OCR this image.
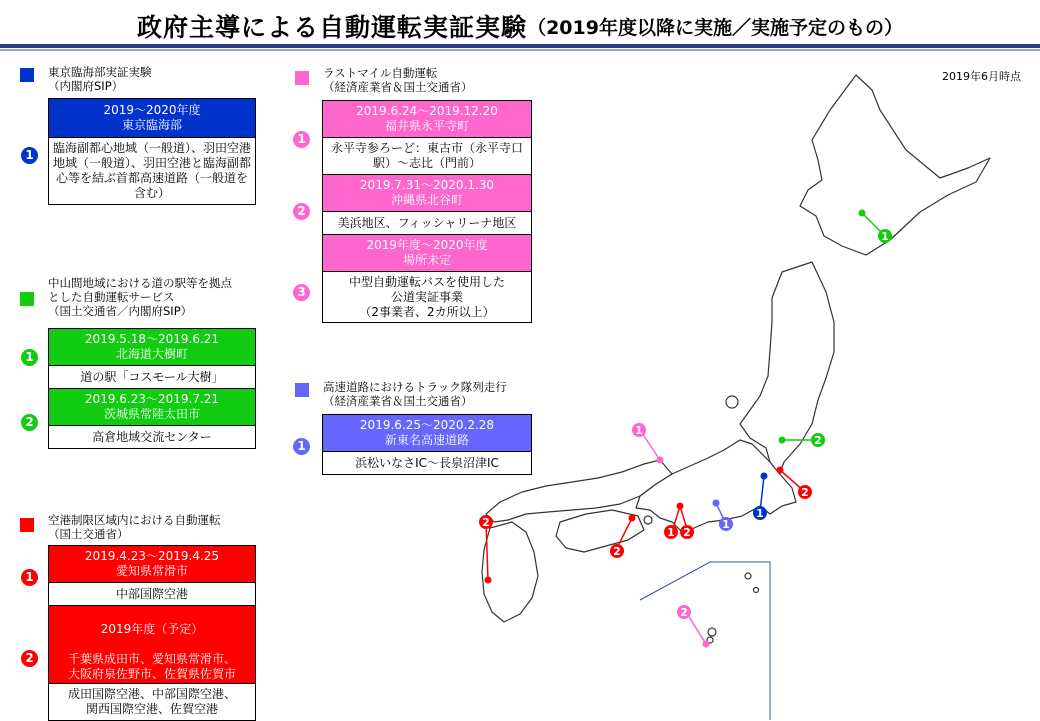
政府主導による自動運転実証実験（2019年度以降に実施／実施予定のもの）
2019年6月時点
東京臨海部実証実験
（内閣府SIP）
1
2019～2020年度
東京臨海部

臨海副都心地域（一般道）、羽田空港地域（一般道）、羽田空港と臨海副都心等を結ぶ首都高速道路（一般道を含む）
中山間地域における道の駅等を拠点
とした自動運転サービス
（国土交通省／内閣府SIP）
1
2
2019.5.18～2019.6.21
北海道大樹町

道の駅「コスモール大樹」

2019.6.23～2019.7.21
茨城県常陸太田市

高倉地域交流センター
空港制限区域内における自動運転
（国土交通省）
1
2
2019.4.23～2019.4.25
愛知県常滑市

中部国際空港

2019年度（予定）

千葉県成田市、愛知県常滑市、
大阪府泉佐野市、佐賀県佐賀市

成田国際空港、中部国際空港、
関西国際空港、佐賀空港
ラストマイル自動運転
（経済産業省＆国土交通省）
1
2
3
2019.6.24～2019.12.20
福井県永平寺町

永平寺参ろーど：東古市（永平寺口駅）～志比（門前）

2019.7.31～2020.1.30
沖縄県北谷町

美浜地区、フィッシャリーナ地区

2019年度～2020年度
場所未定

中型自動運転バスを使用した
公道実証事業
（2事業者、2カ所以上）
高速道路におけるトラック隊列走行
（経済産業省＆国土交通省）
1
2019.6.25～2020.2.28
新東名高速道路

浜松いなさIC～長泉沼津IC
1
2
1
2
1
1
1 2
2
2
2
